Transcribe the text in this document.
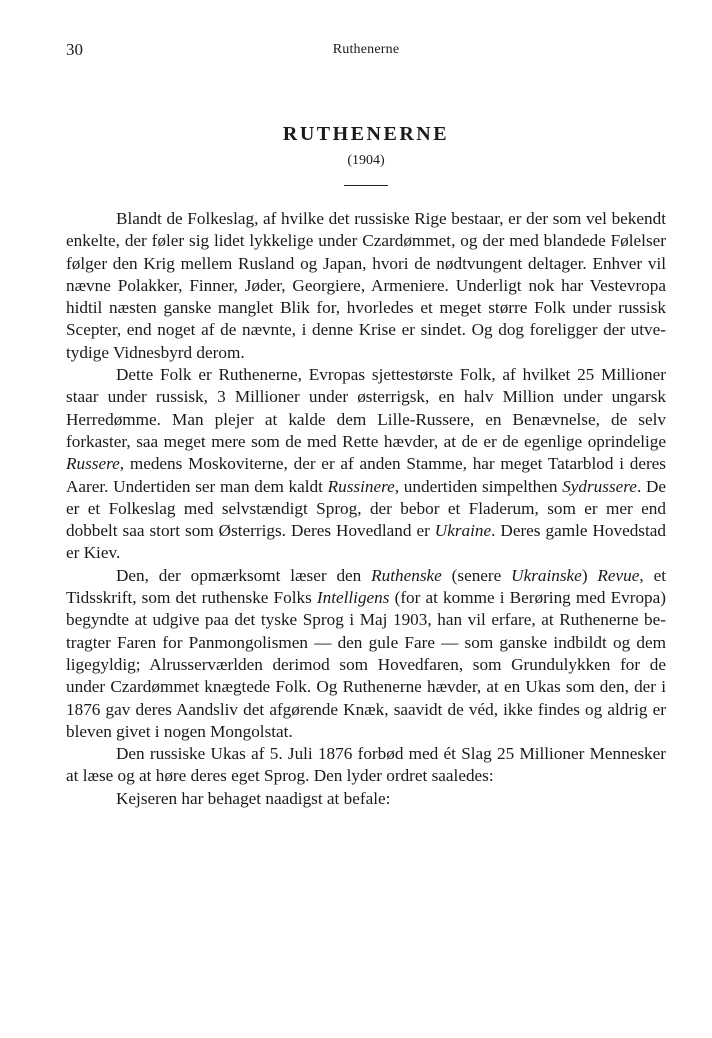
30	Ruthenerne
RUTHENERNE
(1904)

Blandt de Folkeslag, af hvilke det russiske Rige bestaar, er der som vel bekendt enkelte, der føler sig lidet lykkelige under Czardømmet, og der med blandede Følelser følger den Krig mellem Rusland og Japan, hvori de nødtvungent deltager. Enhver vil nævne Polakker, Finner, Jøder, Georgiere, Armeniere. Underligt nok har Vestevropa hidtil næsten ganske manglet Blik for, hvorledes et meget større Folk under russisk Scepter, end noget af de nævnte, i denne Krise er sindet. Og dog foreligger der utvetydige Vidnesbyrd derom.

Dette Folk er Ruthenerne, Evropas sjettestørste Folk, af hvilket 25 Millioner staar under russisk, 3 Millioner under østerrigsk, en halv Million under ungarsk Herredømme. Man plejer at kalde dem Lille-Russere, en Benævnelse, de selv forkaster, saa meget mere som de med Rette hævder, at de er de egenlige oprindelige Russere, medens Moskoviterne, der er af anden Stamme, har meget Tatarblod i deres Aarer. Undertiden ser man dem kaldt Russinere, undertiden simpelthen Sydrussere. De er et Folkeslag med selvstændigt Sprog, der bebor et Fladerum, som er mer end dobbelt saa stort som Østerrigs. Deres Hovedland er Ukraine. Deres gamle Hovedstad er Kiev.

Den, der opmærksomt læser den Ruthenske (senere Ukrainske) Revue, et Tidsskrift, som det ruthenske Folks Intelligens (for at komme i Berøring med Evropa) begyndte at udgive paa det tyske Sprog i Maj 1903, han vil erfare, at Ruthenerne betragter Faren for Panmongolismen — den gule Fare — som ganske indbildt og dem ligegyldig; Alrusserværlden derimod som Hovedfaren, som Grundulykken for de under Czardømmet knægtede Folk. Og Ruthenerne hævder, at en Ukas som den, der i 1876 gav deres Aandsliv det afgørende Knæk, saavidt de véd, ikke findes og aldrig er bleven givet i nogen Mongolstat.

Den russiske Ukas af 5. Juli 1876 forbød med ét Slag 25 Millioner Mennesker at læse og at høre deres eget Sprog. Den lyder ordret saaledes:

Kejseren har behaget naadigst at befale:
